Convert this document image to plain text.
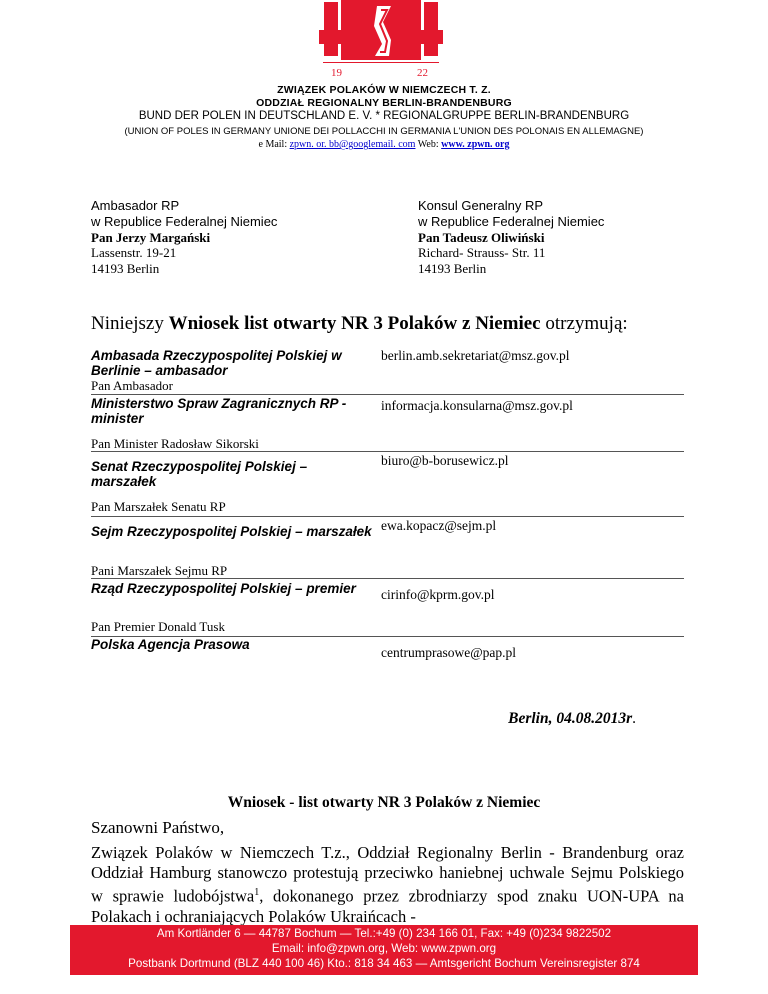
19	22
ZWIĄZEK POLAKÓW W NIEMCZECH T. Z.
ODDZIAŁ REGIONALNY BERLIN-BRANDENBURG
BUND DER POLEN IN DEUTSCHLAND E. V. * REGIONALGRUPPE BERLIN-BRANDENBURG
(UNION OF POLES IN GERMANY UNIONE DEI POLLACCHI IN GERMANIA L'UNION DES POLONAIS EN ALLEMAGNE)
e Mail: zpwn. or. bb@googlemail. com Web: www. zpwn. org
Ambasador RP
w Republice Federalnej Niemiec
Pan Jerzy Margański
Lassenstr. 19-21
14193 Berlin
Konsul Generalny RP
w Republice Federalnej Niemiec
Pan Tadeusz Oliwiński
Richard- Strauss- Str. 11
14193 Berlin
Niniejszy Wniosek list otwarty NR 3 Polaków z Niemiec otrzymują:
Ambasada Rzeczypospolitej Polskiej w Berlinie – ambasador
berlin.amb.sekretariat@msz.gov.pl
Pan Ambasador
Ministerstwo Spraw Zagranicznych RP -minister
informacja.konsularna@msz.gov.pl
Pan Minister Radosław Sikorski
Senat Rzeczypospolitej Polskiej – marszałek
biuro@b-borusewicz.pl
Pan Marszałek Senatu RP
Sejm Rzeczypospolitej Polskiej – marszałek ewa.kopacz@sejm.pl
Pani Marszałek Sejmu RP
Rząd Rzeczypospolitej Polskiej – premier	cirinfo@kprm.gov.pl
Pan Premier Donald Tusk
Polska Agencja Prasowa
centrumprasowe@pap.pl
Berlin, 04.08.2013r.
Wniosek - list otwarty NR 3 Polaków z Niemiec
Szanowni Państwo,
Związek Polaków w Niemczech T.z., Oddział Regionalny Berlin - Brandenburg oraz Oddział Hamburg stanowczo protestują przeciwko haniebnej uchwale Sejmu Polskiego w sprawie ludobójstwa$^1$, dokonanego przez zbrodniarzy spod znaku UON-UPA na Polakach i ochraniających Polaków Ukraińcach -
Am Kortländer 6 — 44787 Bochum — Tel.:+49 (0) 234 166 01, Fax: +49 (0)234 9822502
Email: info@zpwn.org, Web: www.zpwn.org
Postbank Dortmund (BLZ 440 100 46) Kto.: 818 34 463 — Amtsgericht Bochum Vereinsregister 874
